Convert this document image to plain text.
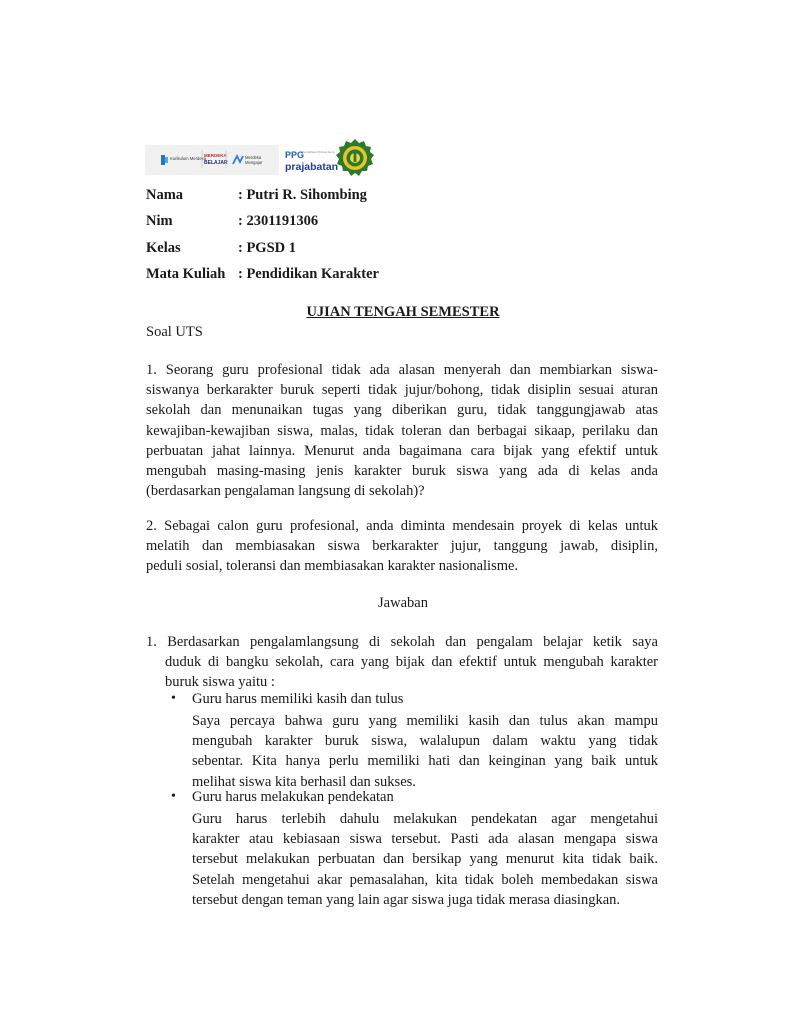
Kurikulum Merdeka
MERDEKA
BELAJAR
Merdeka
Mengajar
PPG
Pendidikan Profesi Guru
prajabatan
Nama	: Putri R. Sihombing
Nim	: 2301191306
Kelas	: PGSD 1
Mata Kuliah : Pendidikan Karakter
UJIAN TENGAH SEMESTER
Soal UTS
1. Seorang guru profesional tidak ada alasan menyerah dan membiarkan siswa-
siswanya berkarakter buruk seperti tidak jujur/bohong, tidak disiplin sesuai aturan
sekolah dan menunaikan tugas yang diberikan guru, tidak tanggungjawab atas
kewajiban-kewajiban siswa, malas, tidak toleran dan berbagai sikaap, perilaku dan
perbuatan jahat lainnya. Menurut anda bagaimana cara bijak yang efektif untuk
mengubah masing-masing jenis karakter buruk siswa yang ada di kelas anda
(berdasarkan pengalaman langsung di sekolah)?
2. Sebagai calon guru profesional, anda diminta mendesain proyek di kelas untuk
melatih dan membiasakan siswa berkarakter jujur, tanggung jawab, disiplin,
peduli sosial, toleransi dan membiasakan karakter nasionalisme.
Jawaban
1. Berdasarkan pengalamlangsung di sekolah dan pengalam belajar ketik saya
duduk di bangku sekolah, cara yang bijak dan efektif untuk mengubah karakter
buruk siswa yaitu :
• Guru harus memiliki kasih dan tulus
Saya percaya bahwa guru yang memiliki kasih dan tulus akan mampu
mengubah karakter buruk siswa, walalupun dalam waktu yang tidak
sebentar. Kita hanya perlu memiliki hati dan keinginan yang baik untuk
melihat siswa kita berhasil dan sukses.
• Guru harus melakukan pendekatan
Guru harus terlebih dahulu melakukan pendekatan agar mengetahui
karakter atau kebiasaan siswa tersebut. Pasti ada alasan mengapa siswa
tersebut melakukan perbuatan dan bersikap yang menurut kita tidak baik.
Setelah mengetahui akar pemasalahan, kita tidak boleh membedakan siswa
tersebut dengan teman yang lain agar siswa juga tidak merasa diasingkan.
